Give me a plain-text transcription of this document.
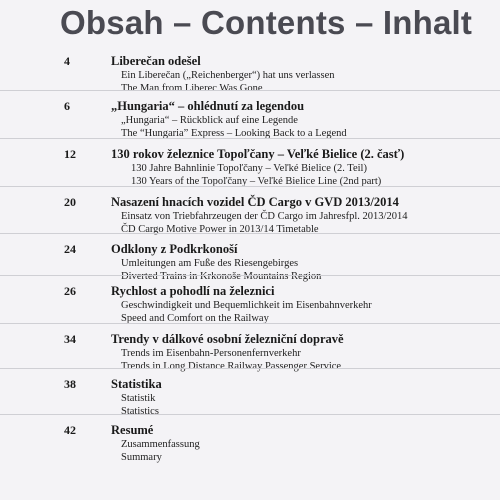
Obsah – Contents – Inhalt
4	Liberečan odešel
Ein Liberečan („Reichenberger“) hat uns verlassen
The Man from Liberec Was Gone
6	„Hungaria“ – ohlédnutí za legendou
„Hungaria“ – Rückblick auf eine Legende
The “Hungaria” Express – Looking Back to a Legend
12	130 rokov železnice Topoľčany – Veľké Bielice (2. časť)
130 Jahre Bahnlinie Topoľčany – Veľké Bielice (2. Teil)
130 Years of the Topoľčany – Veľké Bielice Line (2nd part)
20	Nasazení hnacích vozidel ČD Cargo v GVD 2013/2014
Einsatz von Triebfahrzeugen der ČD Cargo im Jahresfpl. 2013/2014
ČD Cargo Motive Power in 2013/14 Timetable
24	Odklony z Podkrkonoší
Umleitungen am Fuße des Riesengebirges
Diverted Trains in Krkonoše Mountains Region
26	Rychlost a pohodlí na železnici
Geschwindigkeit und Bequemlichkeit im Eisenbahnverkehr
Speed and Comfort on the Railway
34	Trendy v dálkové osobní železniční dopravě
Trends im Eisenbahn-Personenfernverkehr
Trends in Long Distance Railway Passenger Service
38	Statistika
Statistik
Statistics
42	Resumé
Zusammenfassung
Summary
